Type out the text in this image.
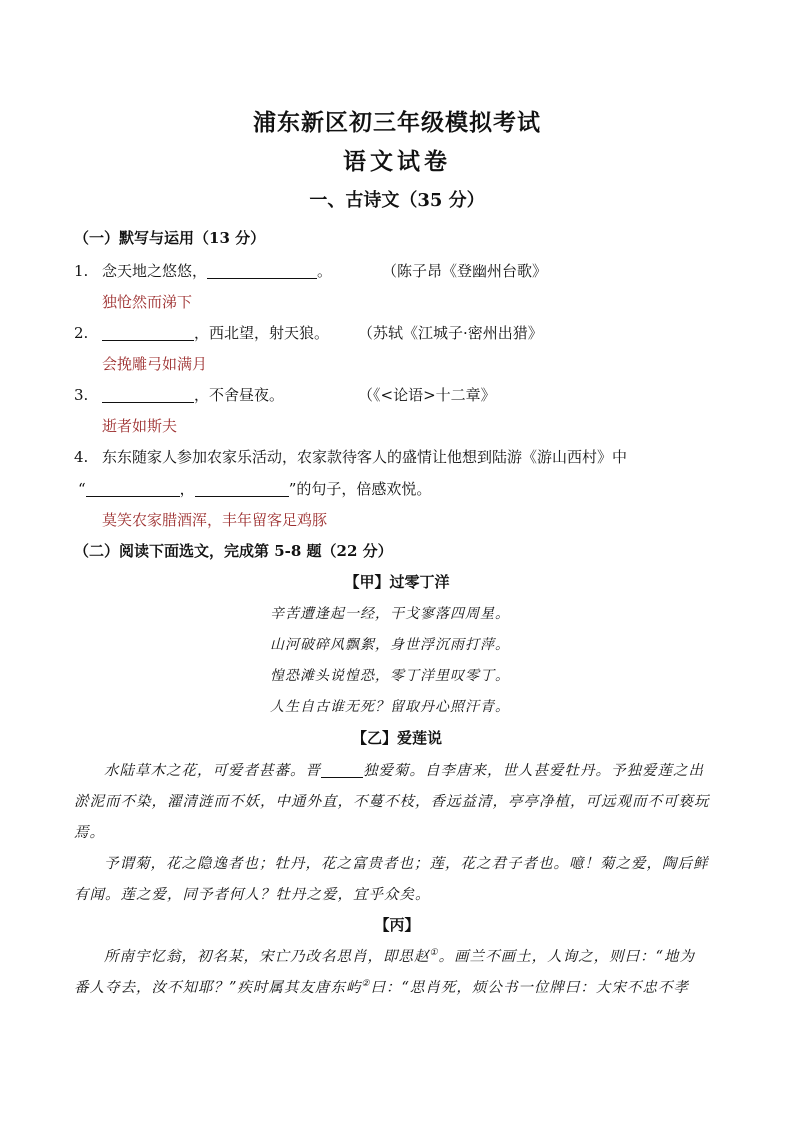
浦东新区初三年级模拟考试
语文试卷
一、古诗文（35 分）
（一）默写与运用（13 分）
1. 念天地之悠悠，	。	（陈子昂《登幽州台歌》
独怆然而涕下
2.	，西北望，射天狼。 （苏轼《江城子·密州出猎》
会挽雕弓如满月
3.	，不舍昼夜。	（《<论语>十二章》
逝者如斯夫
4. 东东随家人参加农家乐活动，农家款待客人的盛情让他想到陆游《游山西村》中
“	，	”的句子，倍感欢悦。
莫笑农家腊酒浑，丰年留客足鸡豚
（二）阅读下面选文，完成第 5-8 题（22 分）
【甲】过零丁洋
辛苦遭逢起一经，干戈寥落四周星。
山河破碎风飘絮，身世浮沉雨打萍。
惶恐滩头说惶恐，零丁洋里叹零丁。
人生自古谁无死？留取丹心照汗青。
【乙】爱莲说
水陆草木之花，可爱者甚蕃。晋	独爱菊。自李唐来，世人甚爱牡丹。予独爱莲之出
淤泥而不染，濯清涟而不妖，中通外直，不蔓不枝，香远益清，亭亭净植，可远观而不可亵玩
焉。
予谓菊，花之隐逸者也；牡丹，花之富贵者也；莲，花之君子者也。噫！菊之爱，陶后鲜
有闻。莲之爱，同予者何人？牡丹之爱，宜乎众矣。
【丙】
所南宇忆翁，初名某，宋亡乃改名思肖，即思赵①。画兰不画土，人询之，则曰：“地为
番人夺去，汝不知耶？”疾时属其友唐东屿②曰：“思肖死，烦公书一位牌曰：大宋不忠不孝
